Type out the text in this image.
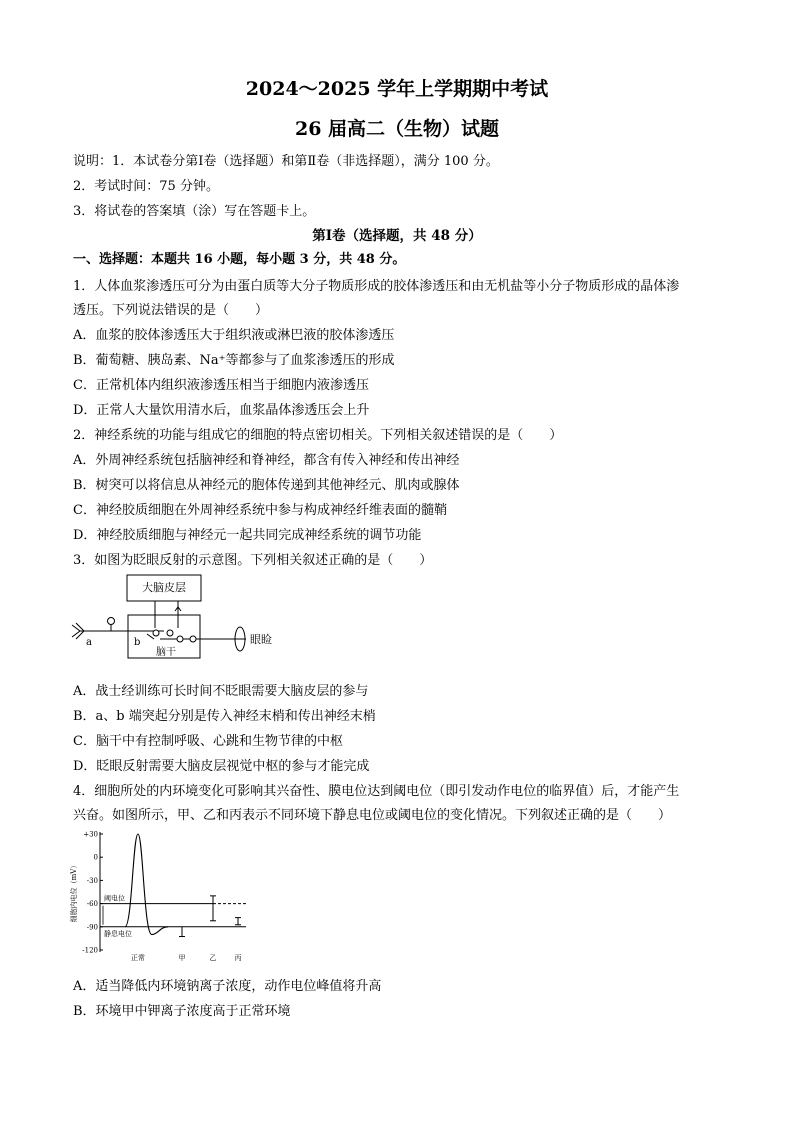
2024～2025 学年上学期期中考试
26 届高二（生物）试题
说明：1．本试卷分第Ⅰ卷（选择题）和第Ⅱ卷（非选择题），满分 100 分。
2．考试时间：75 分钟。
3．将试卷的答案填（涂）写在答题卡上。
第Ⅰ卷（选择题，共 48 分）
一、选择题：本题共 16 小题，每小题 3 分，共 48 分。
1．人体血浆渗透压可分为由蛋白质等大分子物质形成的胶体渗透压和由无机盐等小分子物质形成的晶体渗
透压。下列说法错误的是（　　）
A．血浆的胶体渗透压大于组织液或淋巴液的胶体渗透压
B．葡萄糖、胰岛素、Na⁺等都参与了血浆渗透压的形成
C．正常机体内组织液渗透压相当于细胞内液渗透压
D．正常人大量饮用清水后，血浆晶体渗透压会上升
2．神经系统的功能与组成它的细胞的特点密切相关。下列相关叙述错误的是（　　）
A．外周神经系统包括脑神经和脊神经，都含有传入神经和传出神经
B．树突可以将信息从神经元的胞体传递到其他神经元、肌肉或腺体
C．神经胶质细胞在外周神经系统中参与构成神经纤维表面的髓鞘
D．神经胶质细胞与神经元一起共同完成神经系统的调节功能
3．如图为眨眼反射的示意图。下列相关叙述正确的是（　　）
大脑皮层
脑干
a	b	眼睑
A．战士经训练可长时间不眨眼需要大脑皮层的参与
B．a、b 端突起分别是传入神经末梢和传出神经末梢
C．脑干中有控制呼吸、心跳和生物节律的中枢
D．眨眼反射需要大脑皮层视觉中枢的参与才能完成
4．细胞所处的内环境变化可影响其兴奋性、膜电位达到阈电位（即引发动作电位的临界值）后，才能产生
兴奋。如图所示，甲、乙和丙表示不同环境下静息电位或阈电位的变化情况。下列叙述正确的是（　　）
+30
0
-30
-60
-90
-120
细胞内电位（mV）	阈电位
静息电位
正常	甲	乙	丙
A．适当降低内环境钠离子浓度，动作电位峰值将升高
B．环境甲中钾离子浓度高于正常环境
